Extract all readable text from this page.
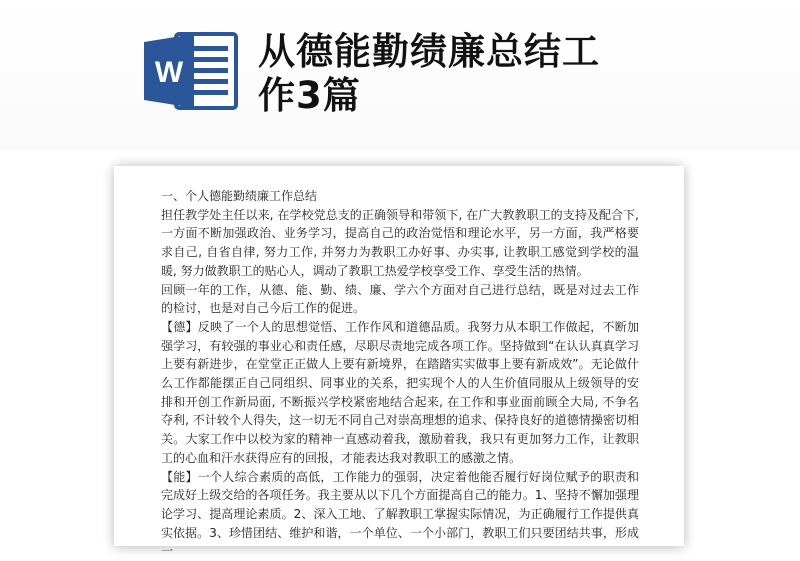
W 从德能勤绩廉总结工
作3篇

一、个人德能勤绩廉工作总结

担任教学处主任以来, 在学校党总支的正确领导和带领下, 在广大教教职工的支持及配合下, 一方面不断加强政治、业务学习，提高自己的政治觉悟和理论水平，另一方面，我严格要求自己, 自省自律, 努力工作, 并努力为教职工办好事、办实事, 让教职工感觉到学校的温暖, 努力做教职工的贴心人，调动了教职工热爱学校享受工作、享受生活的热情。

回顾一年的工作，从德、能、勤、绩、廉、学六个方面对自己进行总结，既是对过去工作的检讨，也是对自己今后工作的促进。

【德】反映了一个人的思想觉悟、工作作风和道德品质。我努力从本职工作做起，不断加强学习，有较强的事业心和责任感，尽职尽责地完成各项工作。坚持做到“在认认真真学习上要有新进步，在堂堂正正做人上要有新境界，在踏踏实实做事上要有新成效”。无论做什么工作都能摆正自己同组织、同事业的关系，把实现个人的人生价值同服从上级领导的安排和开创工作新局面, 不断振兴学校紧密地结合起来, 在工作和事业面前顾全大局, 不争名夺利, 不计较个人得失，这一切无不同自己对崇高理想的追求、保持良好的道德情操密切相关。大家工作中以校为家的精神一直感动着我，激励着我，我只有更加努力工作，让教职工的心血和汗水获得应有的回报，才能表达我对教职工的感激之情。

【能】一个人综合素质的高低，工作能力的强弱，决定着他能否履行好岗位赋予的职责和完成好上级交给的各项任务。我主要从以下几个方面提高自己的能力。1、坚持不懈加强理论学习、提高理论素质。2、深入工地、了解教职工掌握实际情况，为正确履行工作提供真实依据。3、珍惜团结、维护和谐，一个单位、一个小部门，教职工们只要团结共事，形成一
